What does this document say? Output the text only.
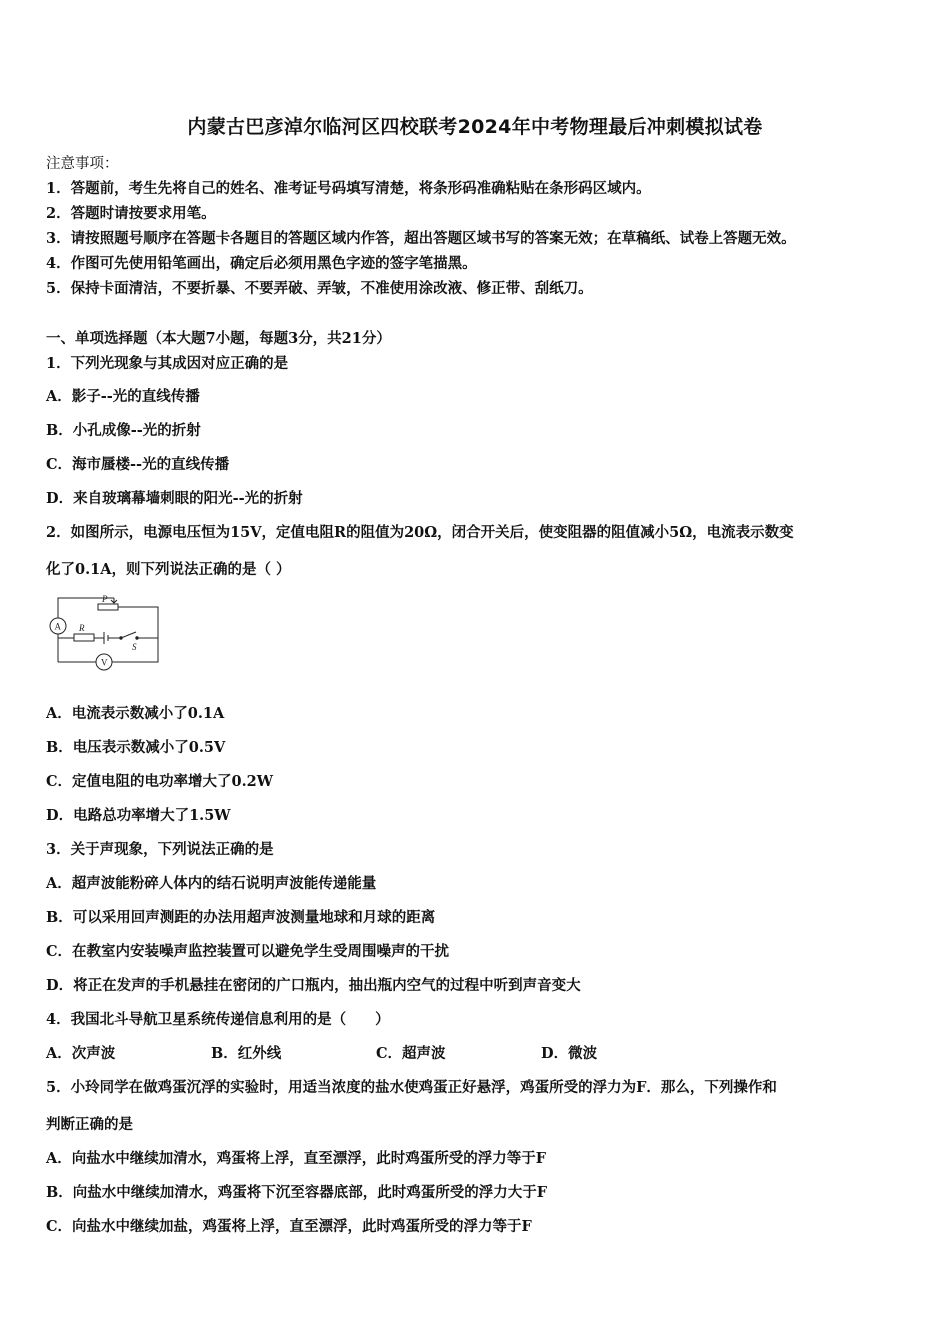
内蒙古巴彦淖尔临河区四校联考2024年中考物理最后冲刺模拟试卷
注意事项：
1．答题前，考生先将自己的姓名、准考证号码填写清楚，将条形码准确粘贴在条形码区域内。
2．答题时请按要求用笔。
3．请按照题号顺序在答题卡各题目的答题区域内作答，超出答题区域书写的答案无效；在草稿纸、试卷上答题无效。
4．作图可先使用铅笔画出，确定后必须用黑色字迹的签字笔描黑。
5．保持卡面清洁，不要折暴、不要弄破、弄皱，不准使用涂改液、修正带、刮纸刀。
一、单项选择题（本大题7小题，每题3分，共21分）
1．下列光现象与其成因对应正确的是
A．影子--光的直线传播
B．小孔成像--光的折射
C．海市蜃楼--光的直线传播
D．来自玻璃幕墙刺眼的阳光--光的折射
2．如图所示，电源电压恒为15V，定值电阻R的阻值为20Ω，闭合开关后，使变阻器的阻值减小5Ω，电流表示数变
化了0.1A，则下列说法正确的是（ ）
P
A R
S
V
A．电流表示数减小了0.1A
B．电压表示数减小了0.5V
C．定值电阻的电功率增大了0.2W
D．电路总功率增大了1.5W
3．关于声现象，下列说法正确的是
A．超声波能粉碎人体内的结石说明声波能传递能量
B．可以采用回声测距的办法用超声波测量地球和月球的距离
C．在教室内安装噪声监控装置可以避免学生受周围噪声的干扰
D．将正在发声的手机悬挂在密闭的广口瓶内，抽出瓶内空气的过程中听到声音变大
4．我国北斗导航卫星系统传递信息利用的是（　　）
A．次声波	B．红外线	C．超声波	D．微波
5．小玲同学在做鸡蛋沉浮的实验时，用适当浓度的盐水使鸡蛋正好悬浮，鸡蛋所受的浮力为F．那么，下列操作和
判断正确的是
A．向盐水中继续加清水，鸡蛋将上浮，直至漂浮，此时鸡蛋所受的浮力等于F
B．向盐水中继续加清水，鸡蛋将下沉至容器底部，此时鸡蛋所受的浮力大于F
C．向盐水中继续加盐，鸡蛋将上浮，直至漂浮，此时鸡蛋所受的浮力等于F
